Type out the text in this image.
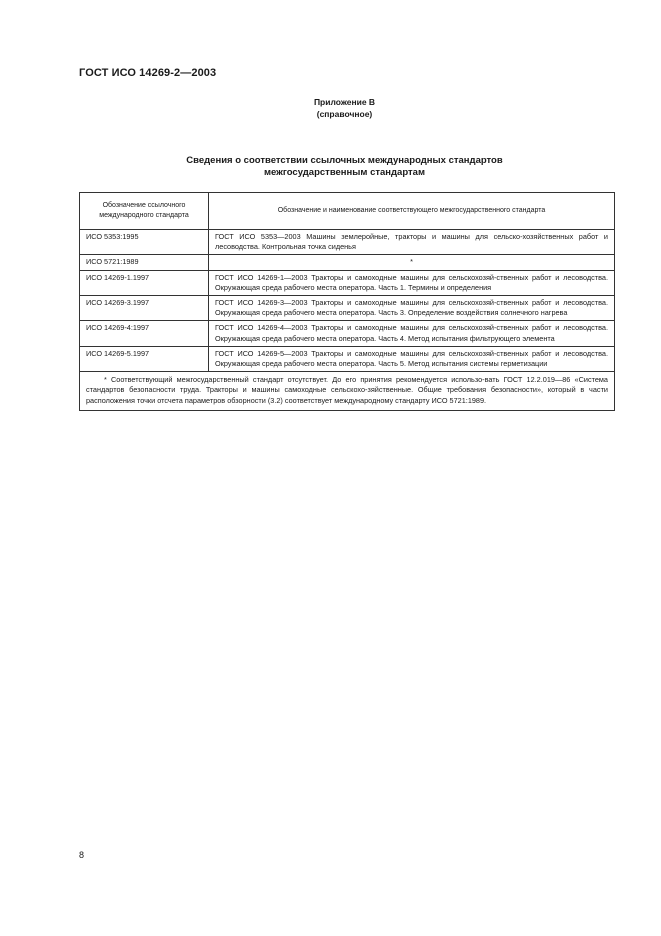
ГОСТ ИСО 14269-2—2003
Приложение В
(справочное)
Сведения о соответствии ссылочных международных стандартов
межгосударственным стандартам
Обозначение ссылочного международного стандарта	Обозначение и наименование соответствующего межгосударственного стандарта
ИСО 5353:1995	ГОСТ ИСО 5353—2003 Машины землеройные, тракторы и машины для сельско-хозяйственных работ и лесоводства. Контрольная точка сиденья
ИСО 5721:1989	*
ИСО 14269-1.1997	ГОСТ ИСО 14269-1—2003 Тракторы и самоходные машины для сельскохозяй-ственных работ и лесоводства. Окружающая среда рабочего места оператора. Часть 1. Термины и определения
ИСО 14269-3.1997	ГОСТ ИСО 14269-3—2003 Тракторы и самоходные машины для сельскохозяй-ственных работ и лесоводства. Окружающая среда рабочего места оператора. Часть 3. Определение воздействия солнечного нагрева
ИСО 14269-4:1997	ГОСТ ИСО 14269-4—2003 Тракторы и самоходные машины для сельскохозяй-ственных работ и лесоводства. Окружающая среда рабочего места оператора. Часть 4. Метод испытания фильтрующего элемента
ИСО 14269-5.1997	ГОСТ ИСО 14269-5—2003 Тракторы и самоходные машины для сельскохозяй-ственных работ и лесоводства. Окружающая среда рабочего места оператора. Часть 5. Метод испытания системы герметизации
* Соответствующий межгосударственный стандарт отсутствует. До его принятия рекомендуется использо-вать ГОСТ 12.2.019—86 «Система стандартов безопасности труда. Тракторы и машины самоходные сельскохо-зяйственные. Общие требования безопасности», который в части расположения точки отсчета параметров обзорности (3.2) соответствует международному стандарту ИСО 5721:1989.	
8
